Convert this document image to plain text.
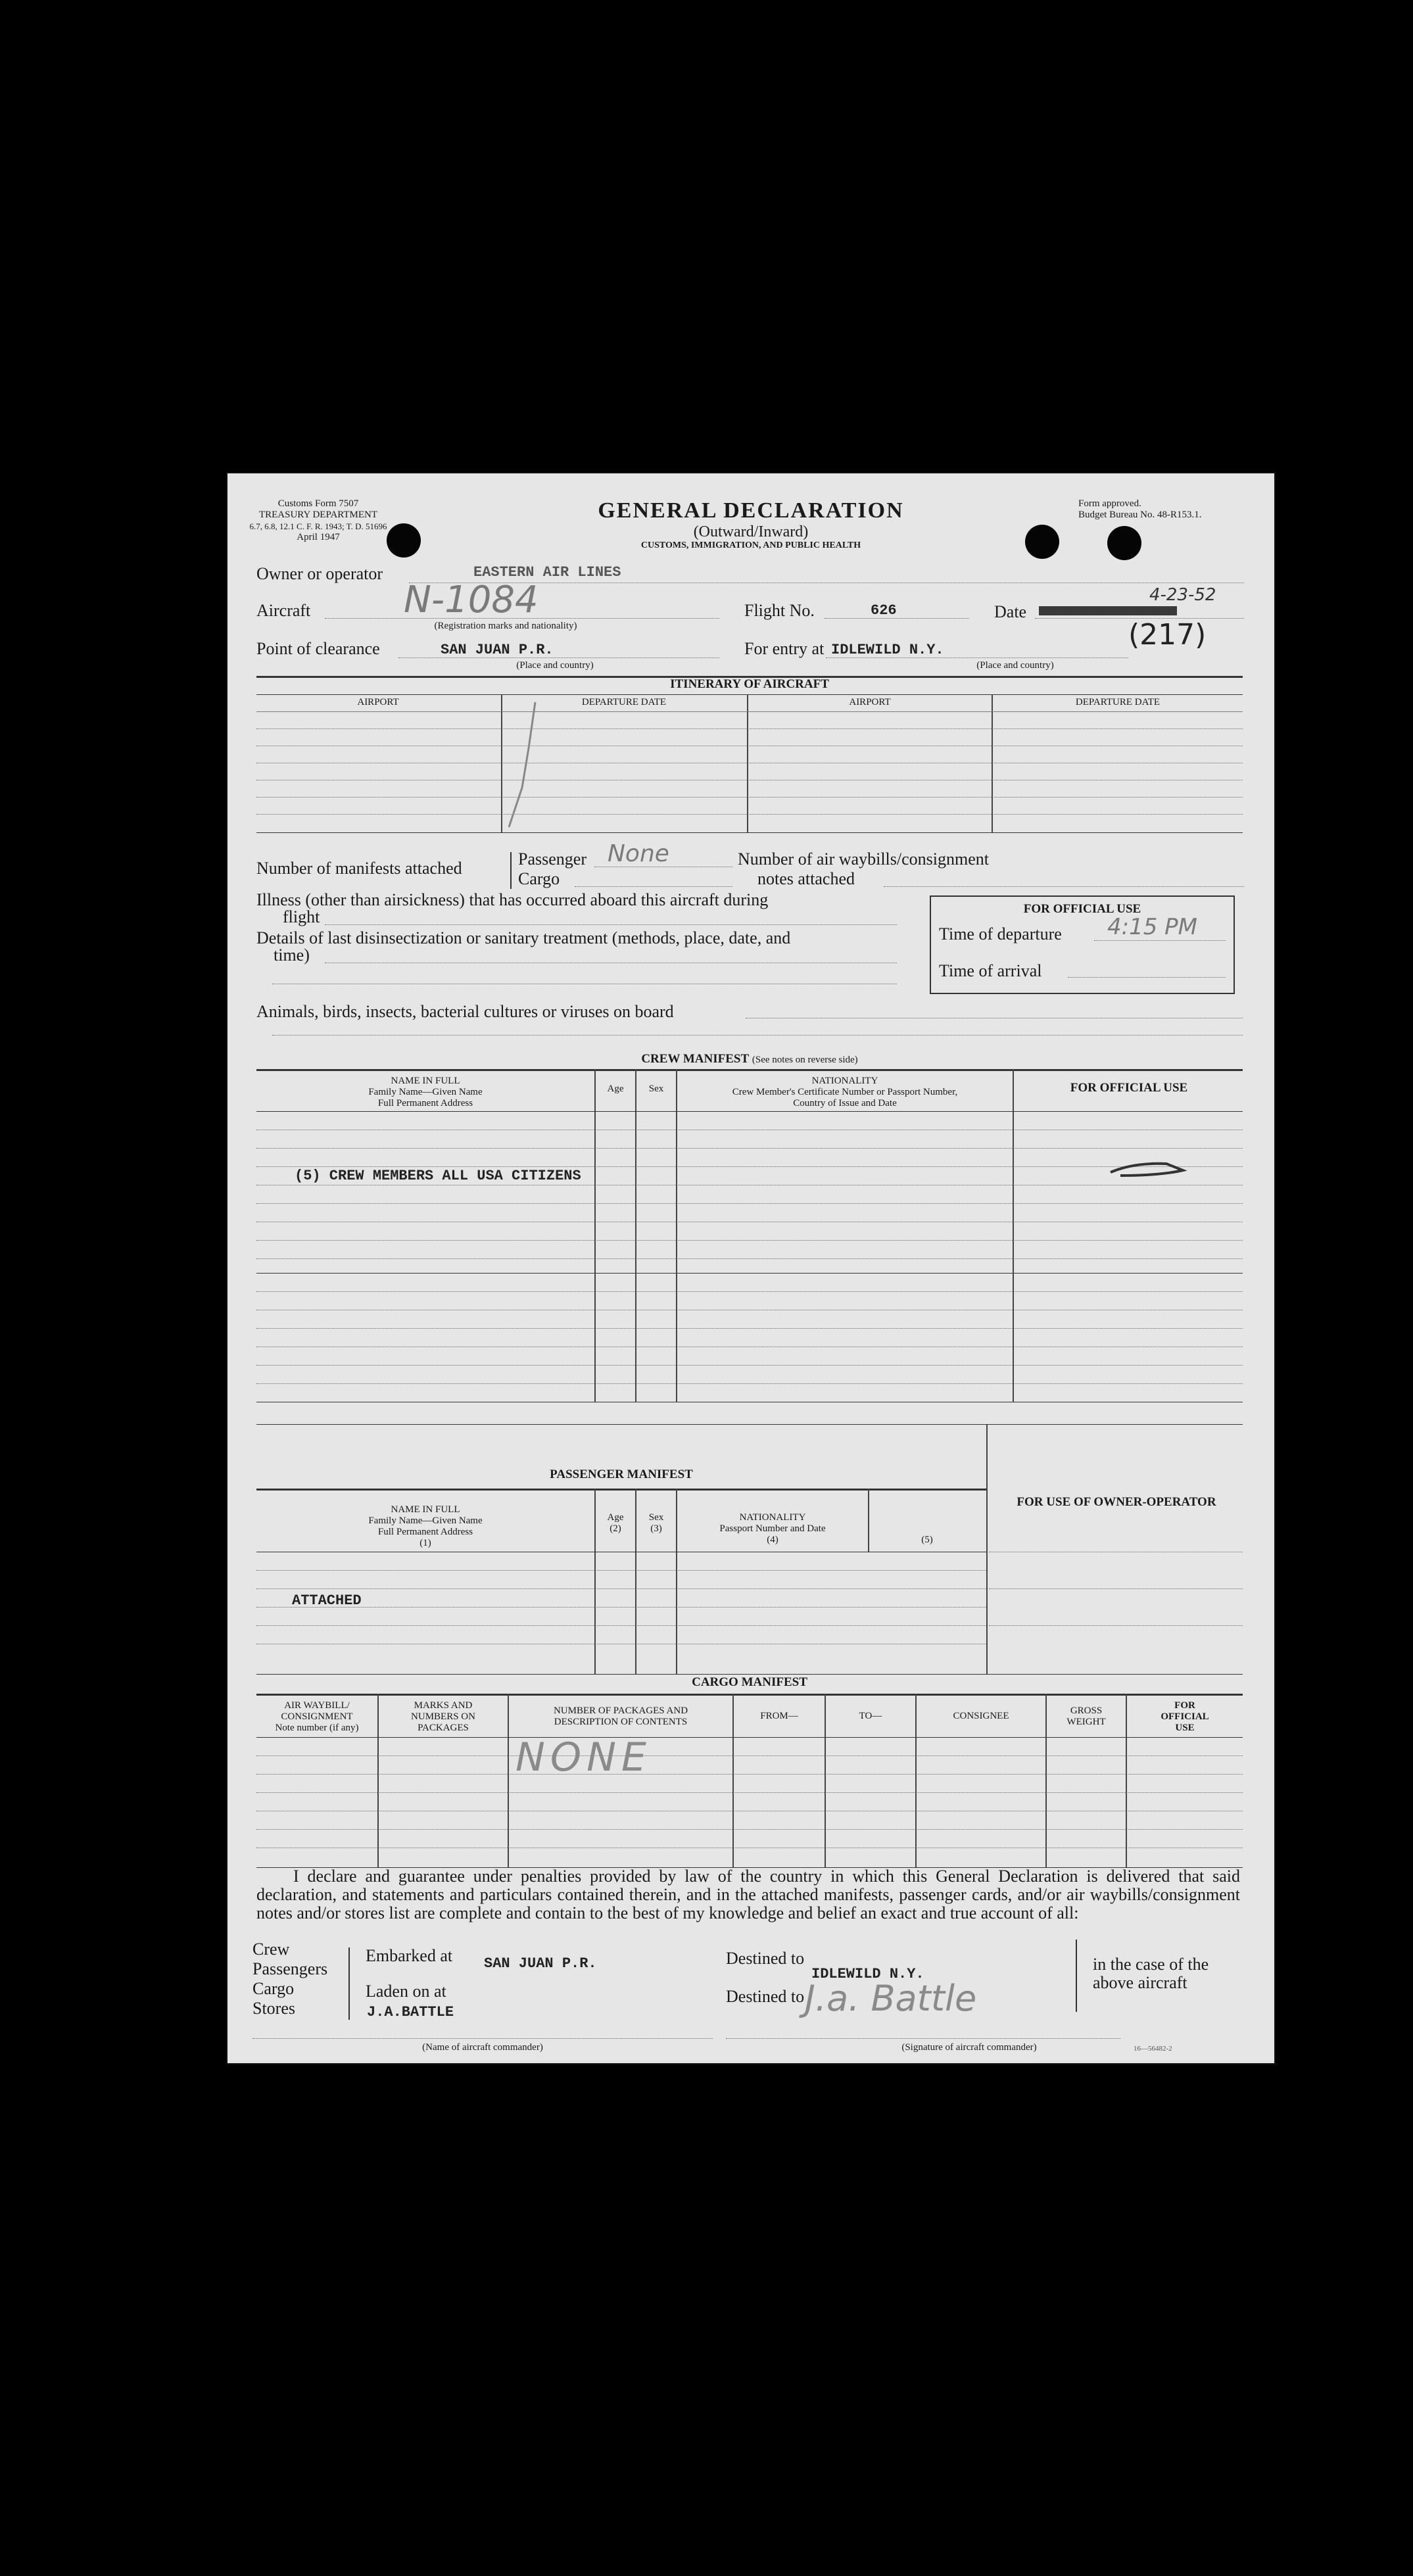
Customs Form 7507
TREASURY DEPARTMENT
6.7, 6.8, 12.1 C. F. R. 1943; T. D. 51696
April 1947
GENERAL DECLARATION
(Outward/Inward)
CUSTOMS, IMMIGRATION, AND PUBLIC HEALTH
Form approved.
Budget Bureau No. 48-R153.1.
Owner or operator	EASTERN AIR LINES
Aircraft	N-1084
(Registration marks and nationality)
Flight No.	626	Date
4-23-52
(217)
Point of clearance	SAN JUAN P.R.
(Place and country)
For entry at IDLEWILD N.Y.
(Place and country)
ITINERARY OF AIRCRAFT
AIRPORT	DEPARTURE DATE	AIRPORT	DEPARTURE DATE
Number of manifests attached	Passenger None
Cargo
Number of air waybills/consignment
notes attached
Illness (other than airsickness) that has occurred aboard this aircraft during
flight
Details of last disinsectization or sanitary treatment (methods, place, date, and
time)
FOR OFFICIAL USE
Time of departure 4:15 PM
Time of arrival
Animals, birds, insects, bacterial cultures or viruses on board
CREW MANIFEST (See notes on reverse side)
NAME IN FULL
Family Name—Given Name
Full Permanent Address
Age	Sex
NATIONALITY
Crew Member's Certificate Number or Passport Number,
Country of Issue and Date
FOR OFFICIAL USE
(5) CREW MEMBERS ALL USA CITIZENS
PASSENGER MANIFEST
NAME IN FULL
Family Name—Given Name
Full Permanent Address
(1)
Age
(2)
Sex
(3)
NATIONALITY
Passport Number and Date
(4)	(5)
FOR USE OF OWNER-OPERATOR
ATTACHED
CARGO MANIFEST
AIR WAYBILL/
CONSIGNMENT
Note number (if any)
MARKS AND
NUMBERS ON
PACKAGES
NUMBER OF PACKAGES AND
DESCRIPTION OF CONTENTS
FROM—	TO—	CONSIGNEE	GROSS
WEIGHT
FOR
OFFICIAL
USE
NONE
I declare and guarantee under penalties provided by law of the country in which this General Declaration is delivered that said declaration, and statements and particulars contained therein, and in the attached manifests, passenger cards, and/or air waybills/consignment notes and/or stores list are complete and contain to the best of my knowledge and belief an exact and true account of all:
Crew
Passengers
Cargo
Stores
Embarked at SAN JUAN P.R.
Laden on at
J.A.BATTLE
(Name of aircraft commander)
Destined to
IDLEWILD N.Y.
Destined to J.a. Battle
(Signature of aircraft commander)
in the case of the
above aircraft
16—56482-2
